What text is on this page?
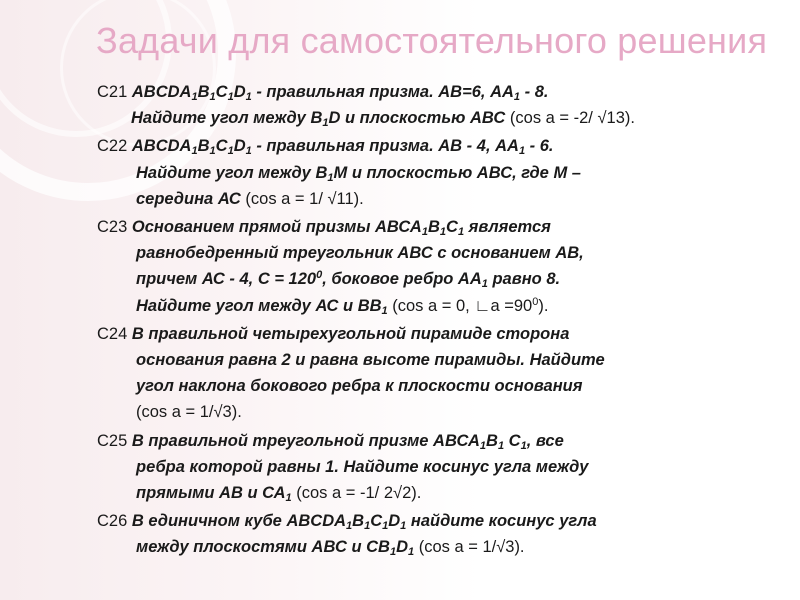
Задачи для самостоятельного решения
С21 $ABCDA_1B_1C_1D_1$ - правильная призма. АВ=6, $АА_1 - 8$.
Найдите угол между $В_1D$ и плоскостью АВС (cos a = -2/ √13).
С22 $ABCDA_1B_1C_1D_1$ - правильная призма. АВ - 4, $АА_1 - 6$.
Найдите угол между $В_1М$ и плоскостью АВС, где М –
середина АС (cos a = 1/ √11).
С23 Основанием прямой призмы $АВСА_1В_1С_1$ является
равнобедренный треугольник АВС с основанием АВ,
причем АС - 4, $С = 120^0$, боковое ребро $АА_1$ равно 8.
Найдите угол между АС и $ВВ_1$ (cos a = 0, ∟a $=90^0$).
С24 В правильной четырехугольной пирамиде сторона
основания равна 2 и равна высоте пирамиды. Найдите
угол наклона бокового ребра к плоскости основания
(cos a = 1/√3).
С25 В правильной треугольной призме $АВСА_1В_1$ $С_1$, все
ребра которой равны 1. Найдите косинус угла между
прямыми АВ и $СА_1$ (cos a = -1/ 2√2).
С26 В единичном кубе $ABCDA_1B_1C_1D_1$ найдите косинус угла
между плоскостями АВС и $СВ_1D_1$ (cos a = 1/√3).
